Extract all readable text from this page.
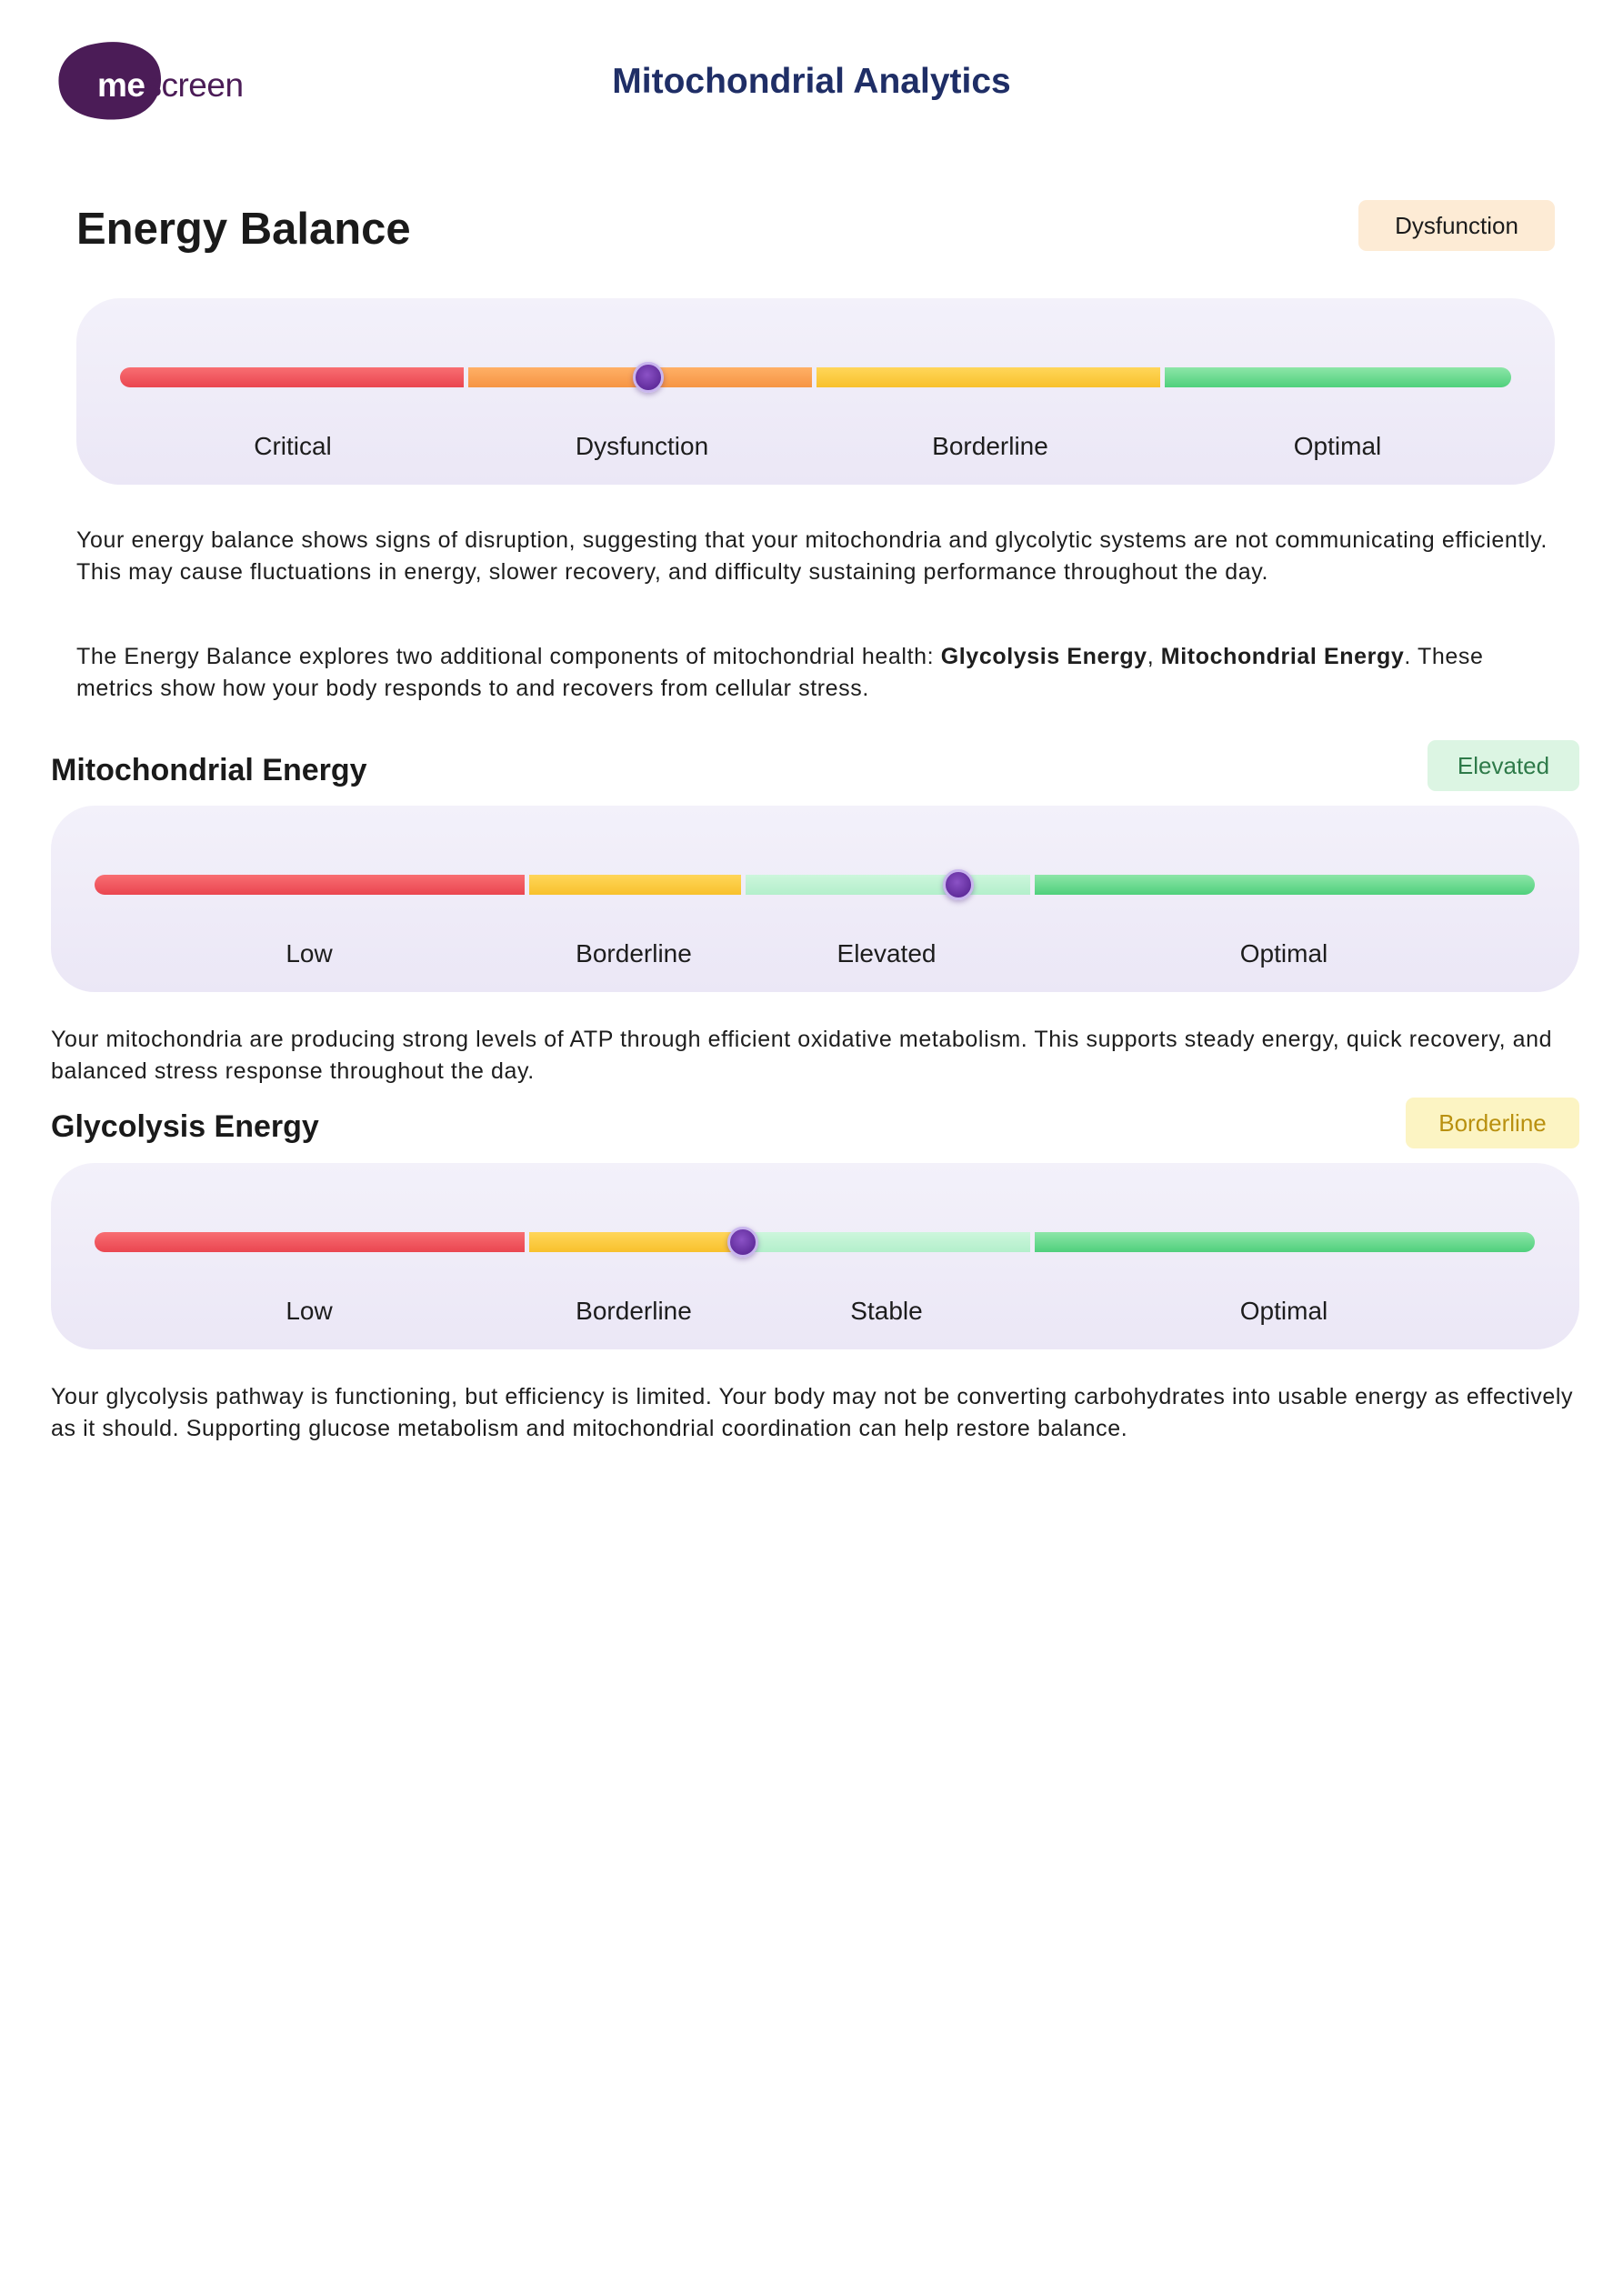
mescreen	Mitochondrial Analytics
Energy Balance	Dysfunction
Critical	Dysfunction	Borderline	Optimal

Your energy balance shows signs of disruption, suggesting that your mitochondria and glycolytic systems are not communicating efficiently. This may cause fluctuations in energy, slower recovery, and difficulty sustaining performance throughout the day.

The Energy Balance explores two additional components of mitochondrial health: Glycolysis Energy, Mitochondrial Energy. These metrics show how your body responds to and recovers from cellular stress.

Mitochondrial Energy	Elevated
Low	Borderline	Elevated	Optimal

Your mitochondria are producing strong levels of ATP through efficient oxidative metabolism. This supports steady energy, quick recovery, and balanced stress response throughout the day.

Glycolysis Energy	Borderline
Low	Borderline	Stable	Optimal

Your glycolysis pathway is functioning, but efficiency is limited. Your body may not be converting carbohydrates into usable energy as effectively as it should. Supporting glucose metabolism and mitochondrial coordination can help restore balance.
